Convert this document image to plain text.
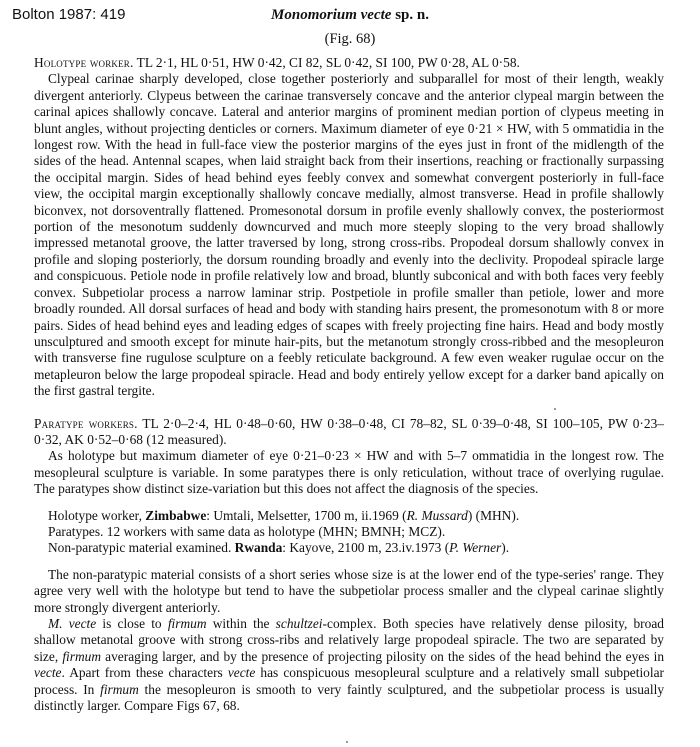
Bolton 1987: 419	Monomorium vecte sp. n.
(Fig. 68)

Holotype worker. TL 2·1, HL 0·51, HW 0·42, CI 82, SL 0·42, SI 100, PW 0·28, AL 0·58.

Clypeal carinae sharply developed, close together posteriorly and subparallel for most of their length, weakly divergent anteriorly. Clypeus between the carinae transversely concave and the anterior clypeal margin between the carinal apices shallowly concave. Lateral and anterior margins of prominent median portion of clypeus meeting in blunt angles, without projecting denticles or corners. Maximum diameter of eye 0·21 × HW, with 5 ommatidia in the longest row. With the head in full-face view the posterior margins of the eyes just in front of the midlength of the sides of the head. Antennal scapes, when laid straight back from their insertions, reaching or fractionally surpassing the occipital margin. Sides of head behind eyes feebly convex and somewhat convergent posteriorly in full-face view, the occipital margin exceptionally shallowly concave medially, almost transverse. Head in profile shallowly biconvex, not dorsoventrally flattened. Promesonotal dorsum in profile evenly shallowly convex, the posteriormost portion of the mesonotum suddenly downcurved and much more steeply sloping to the very broad shallowly impressed metanotal groove, the latter traversed by long, strong cross-ribs. Propodeal dorsum shallowly convex in profile and sloping posteriorly, the dorsum rounding broadly and evenly into the declivity. Propodeal spiracle large and conspicuous. Petiole node in profile relatively low and broad, bluntly subconical and with both faces very feebly convex. Subpetiolar process a narrow laminar strip. Postpetiole in profile smaller than petiole, lower and more broadly rounded. All dorsal surfaces of head and body with standing hairs present, the promesonotum with 8 or more pairs. Sides of head behind eyes and leading edges of scapes with freely projecting fine hairs. Head and body mostly unsculptured and smooth except for minute hair-pits, but the metanotum strongly cross-ribbed and the mesopleuron with transverse fine rugulose sculpture on a feebly reticulate background. A few even weaker rugulae occur on the metapleuron below the large propodeal spiracle. Head and body entirely yellow except for a darker band apically on the first gastral tergite.

Paratype workers. TL 2·0–2·4, HL 0·48–0·60, HW 0·38–0·48, CI 78–82, SL 0·39–0·48, SI 100–105, PW 0·23–0·32, AK 0·52–0·68 (12 measured).

As holotype but maximum diameter of eye 0·21–0·23 × HW and with 5–7 ommatidia in the longest row. The mesopleural sculpture is variable. In some paratypes there is only reticulation, without trace of overlying rugulae. The paratypes show distinct size-variation but this does not affect the diagnosis of the species.

Holotype worker, Zimbabwe: Umtali, Melsetter, 1700 m, ii.1969 (R. Mussard) (MHN).

Paratypes. 12 workers with same data as holotype (MHN; BMNH; MCZ).

Non-paratypic material examined. Rwanda: Kayove, 2100 m, 23.iv.1973 (P. Werner).

The non-paratypic material consists of a short series whose size is at the lower end of the type-series' range. They agree very well with the holotype but tend to have the subpetiolar process smaller and the clypeal carinae slightly more strongly divergent anteriorly.

M. vecte is close to firmum within the schultzei-complex. Both species have relatively dense pilosity, broad shallow metanotal groove with strong cross-ribs and relatively large propodeal spiracle. The two are separated by size, firmum averaging larger, and by the presence of projecting pilosity on the sides of the head behind the eyes in vecte. Apart from these characters vecte has conspicuous mesopleural sculpture and a relatively small subpetiolar process. In firmum the mesopleuron is smooth to very faintly sculptured, and the subpetiolar process is usually distinctly larger. Compare Figs 67, 68.
